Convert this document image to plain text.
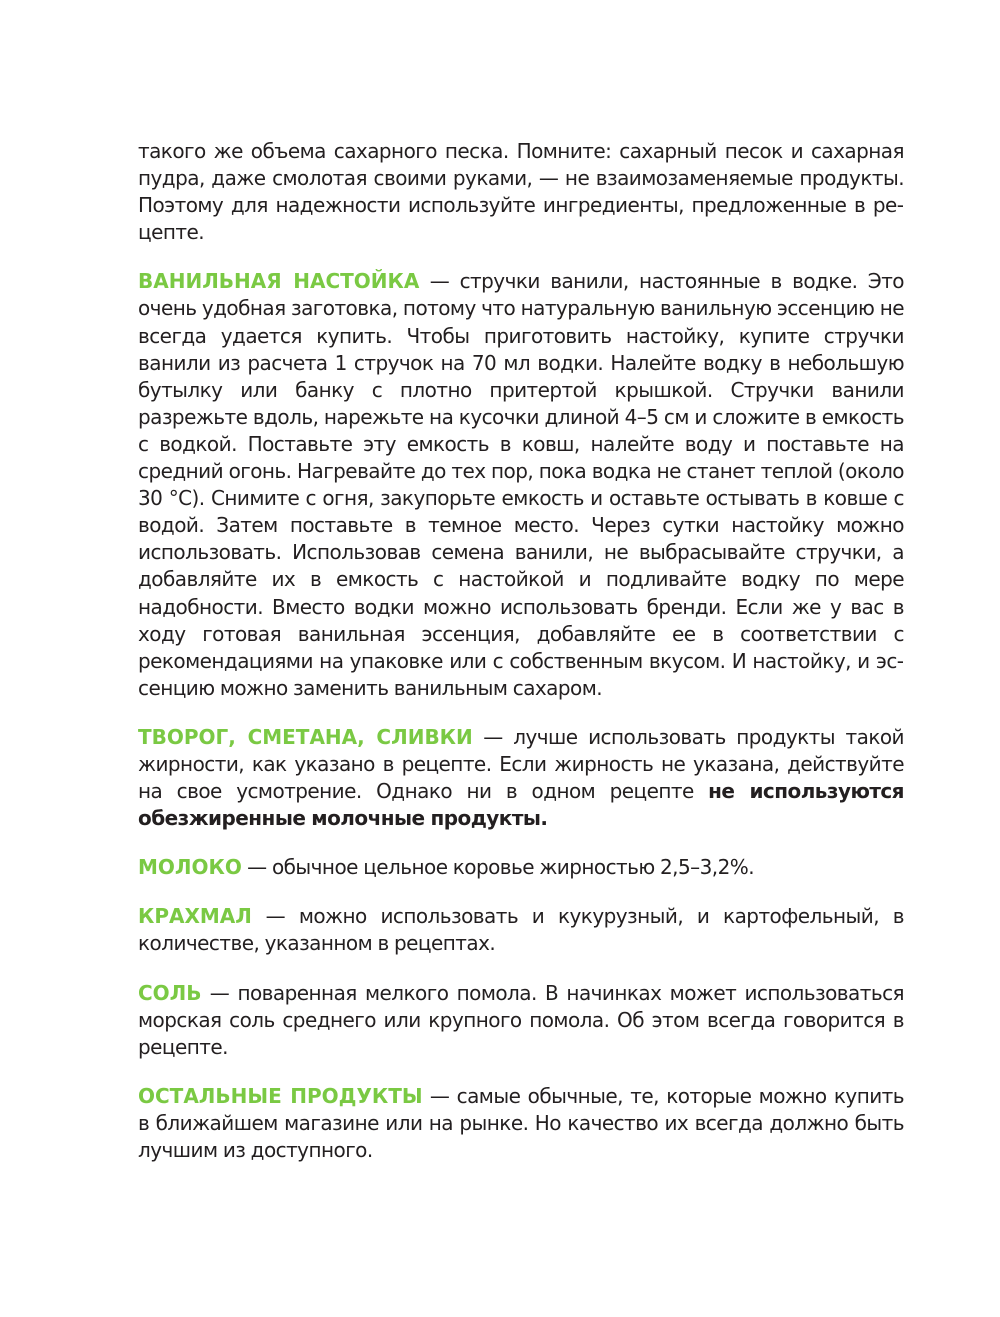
такого же объема сахарного песка. Помните: сахарный песок и сахарная пудра, даже смолотая своими руками, — не взаимозаменяемые продукты. Поэтому для надежности используйте ингредиенты, предложенные в рецепте.

ВАНИЛЬНАЯ НАСТОЙКА — стручки ванили, настоянные в водке. Это очень удобная заготовка, потому что натуральную ванильную эссенцию не всегда удается купить. Чтобы приготовить настойку, купите стручки ванили из расчета 1 стручок на 70 мл водки. Налейте водку в небольшую бутылку или банку с плотно притертой крышкой. Стручки ванили разрежьте вдоль, нарежьте на кусочки длиной 4–5 см и сложите в емкость с водкой. Поставьте эту емкость в ковш, налейте воду и поставьте на средний огонь. Нагревайте до тех пор, пока водка не станет теплой (около 30 °C). Снимите с огня, закупорьте емкость и оставьте остывать в ковше с водой. Затем поставьте в темное место. Через сутки настойку можно использовать. Использовав семена ванили, не выбрасывайте стручки, а добавляйте их в емкость с настойкой и подливайте водку по мере надобности. Вместо водки можно использовать бренди. Если же у вас в ходу готовая ванильная эссенция, добавляйте ее в соответствии с рекомендациями на упаковке или с собственным вкусом. И настойку, и эссенцию можно заменить ванильным сахаром.

ТВОРОГ, СМЕТАНА, СЛИВКИ — лучше использовать продукты такой жирности, как указано в рецепте. Если жирность не указана, действуйте на свое усмотрение. Однако ни в одном рецепте не используются обезжиренные молочные продукты.

МОЛОКО — обычное цельное коровье жирностью 2,5–3,2%.

КРАХМАЛ — можно использовать и кукурузный, и картофельный, в количестве, указанном в рецептах.

СОЛЬ — поваренная мелкого помола. В начинках может использоваться морская соль среднего или крупного помола. Об этом всегда говорится в рецепте.

ОСТАЛЬНЫЕ ПРОДУКТЫ — самые обычные, те, которые можно купить в ближайшем магазине или на рынке. Но качество их всегда должно быть лучшим из доступного.
